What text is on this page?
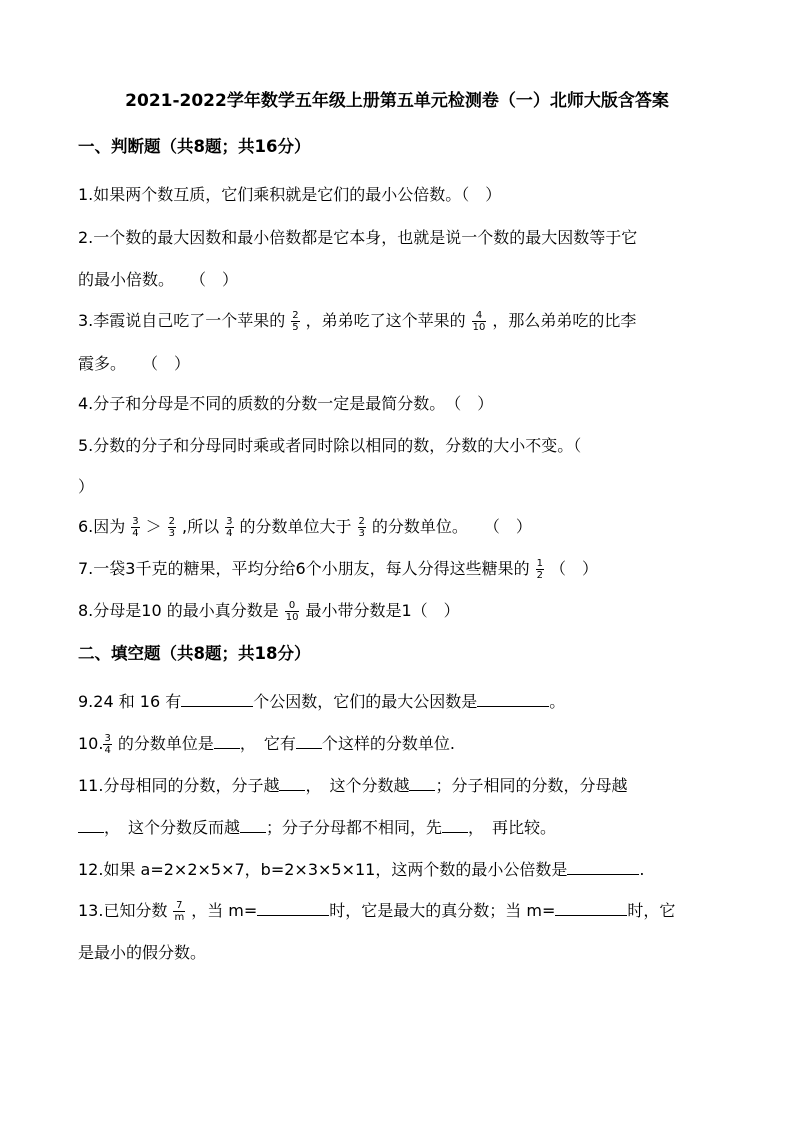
2021-2022学年数学五年级上册第五单元检测卷（一）北师大版含答案
一、判断题（共8题；共16分）
1.如果两个数互质，它们乘积就是它们的最小公倍数。（　）
2.一个数的最大因数和最小倍数都是它本身，也就是说一个数的最大因数等于它
的最小倍数。　　（　）
3.李霞说自己吃了一个苹果的 $\frac{2}{5}$ ，弟弟吃了这个苹果的 $\frac{4}{10}$ ，那么弟弟吃的比李
霞多。　　（　）
4.分子和分母是不同的质数的分数一定是最简分数。　（　）
5.分数的分子和分母同时乘或者同时除以相同的数，分数的大小不变。（
）
6.因为 $\frac{3}{4} > \frac{2}{3}$ ,所以 $\frac{3}{4}$ 的分数单位大于 $\frac{2}{3}$ 的分数单位。　　（　）
7.一袋3千克的糖果，平均分给6个小朋友，每人分得这些糖果的 $\frac{1}{2}$ （　）
8.分母是10 的最小真分数是 $\frac{0}{10}$ 最小带分数是1（　）
二、填空题（共8题；共18分）
9.24 和 16 有	个公因数，它们的最大公因数是	。
10. $\frac{3}{4}$ 的分数单位是 ，　它有 个这样的分数单位.
11.分母相同的分数，分子越 ，　这个分数越 ；分子相同的分数，分母越
，　这个分数反而越 ；分子分母都不相同，先 ，　再比较。
12.如果 a=2×2×5×7，b=2×3×5×11，这两个数的最小公倍数是	.
13.已知分数 $\frac{7}{m}$ ，当 m=	时，它是最大的真分数；当 m=	时，它
是最小的假分数。
